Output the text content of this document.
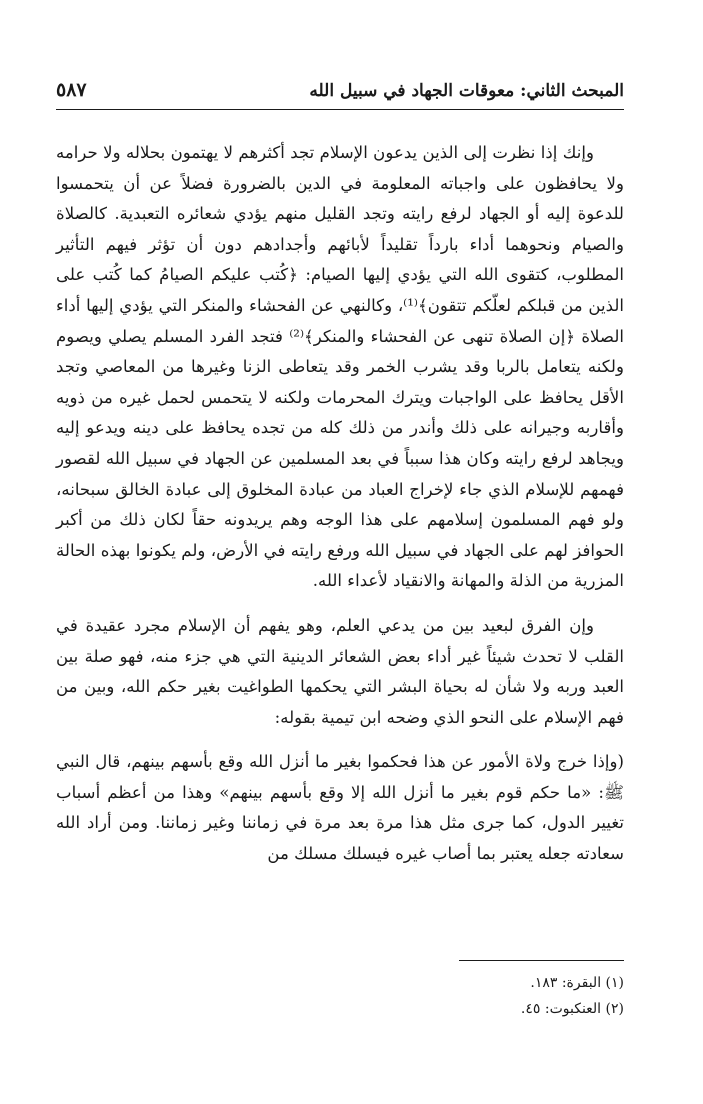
المبحث الثاني: معوقات الجهاد في سبيل الله
٥٨٧

وإنك إذا نظرت إلى الذين يدعون الإسلام تجد أكثرهم لا يهتمون بحلاله ولا حرامه ولا يحافظون على واجباته المعلومة في الدين بالضرورة فضلاً عن أن يتحمسوا للدعوة إليه أو الجهاد لرفع رايته وتجد القليل منهم يؤدي شعائره التعبدية. كالصلاة والصيام ونحوهما أداء بارداً تقليداً لأبائهم وأجدادهم دون أن تؤثر فيهم التأثير المطلوب، كتقوى الله التي يؤدي إليها الصيام: ﴿كُتب عليكم الصيامُ كما كُتب على الذين من قبلكم لعلّكم تتقون﴾⁽¹⁾، وكالنهي عن الفحشاء والمنكر التي يؤدي إليها أداء الصلاة ﴿إن الصلاة تنهى عن الفحشاء والمنكر﴾⁽²⁾ فتجد الفرد المسلم يصلي ويصوم ولكنه يتعامل بالربا وقد يشرب الخمر وقد يتعاطى الزنا وغيرها من المعاصي وتجد الأقل يحافظ على الواجبات ويترك المحرمات ولكنه لا يتحمس لحمل غيره من ذويه وأقاربه وجيرانه على ذلك وأندر من ذلك كله من تجده يحافظ على دينه ويدعو إليه ويجاهد لرفع رايته وكان هذا سبباً في بعد المسلمين عن الجهاد في سبيل الله لقصور فهمهم للإسلام الذي جاء لإخراج العباد من عبادة المخلوق إلى عبادة الخالق سبحانه، ولو فهم المسلمون إسلامهم على هذا الوجه وهم يريدونه حقاً لكان ذلك من أكبر الحوافز لهم على الجهاد في سبيل الله ورفع رايته في الأرض، ولم يكونوا بهذه الحالة المزرية من الذلة والمهانة والانقياد لأعداء الله.

وإن الفرق لبعيد بين من يدعي العلم، وهو يفهم أن الإسلام مجرد عقيدة في القلب لا تحدث شيئاً غير أداء بعض الشعائر الدينية التي هي جزء منه، فهو صلة بين العبد وربه ولا شأن له بحياة البشر التي يحكمها الطواغيت بغير حكم الله، وبين من فهم الإسلام على النحو الذي وضحه ابن تيمية بقوله:

(وإذا خرج ولاة الأمور عن هذا فحكموا بغير ما أنزل الله وقع بأسهم بينهم، قال النبي ﷺ: «ما حكم قوم بغير ما أنزل الله إلا وقع بأسهم بينهم» وهذا من أعظم أسباب تغيير الدول، كما جرى مثل هذا مرة بعد مرة في زماننا وغير زماننا. ومن أراد الله سعادته جعله يعتبر بما أصاب غيره فيسلك مسلك من

(١) البقرة: ١٨٣.

(٢) العنكبوت: ٤٥.
